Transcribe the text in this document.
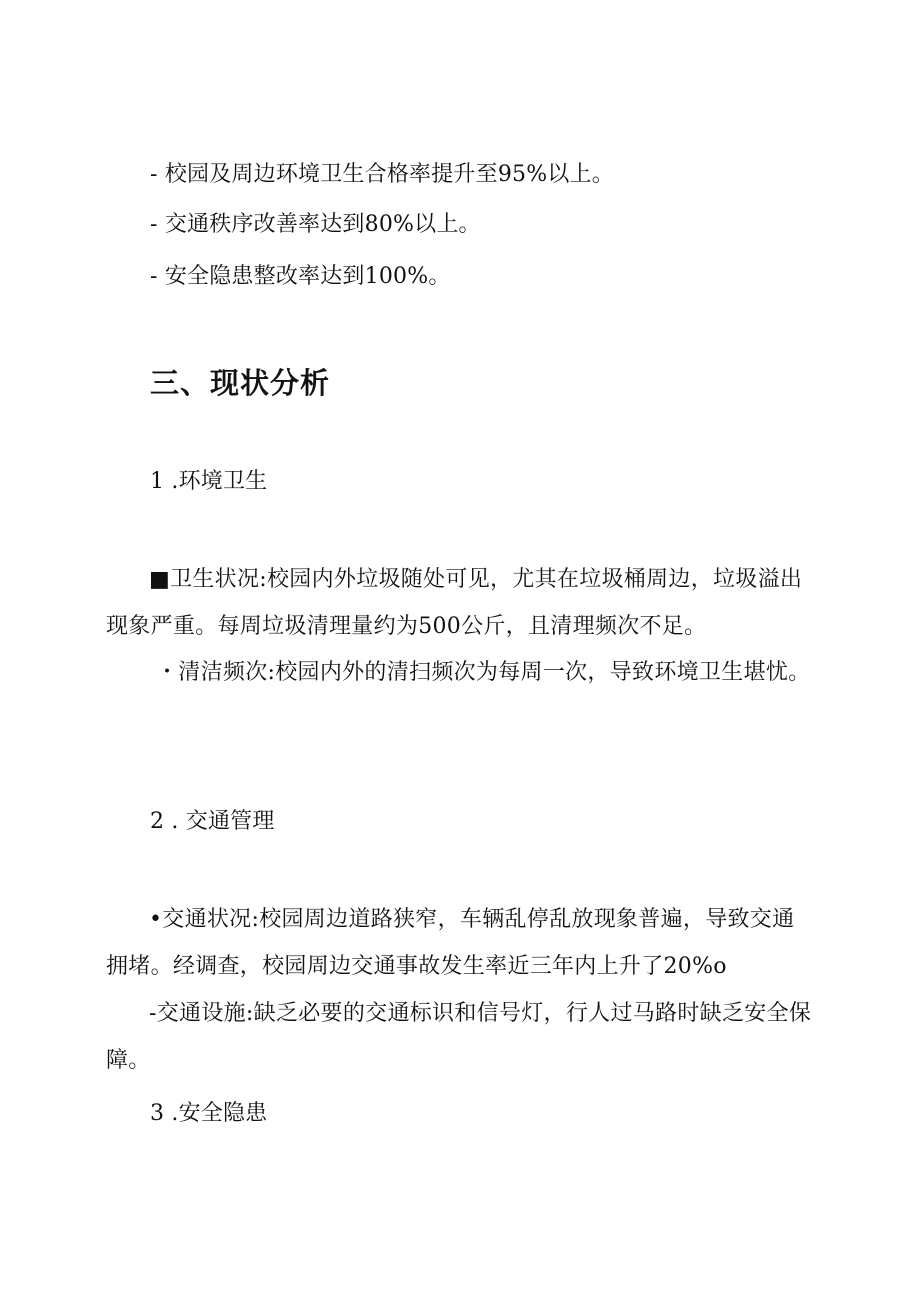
- 校园及周边环境卫生合格率提升至95%以上。
- 交通秩序改善率达到80%以上。
- 安全隐患整改率达到100%。
三、现状分析
1 .环境卫生
■卫生状况:校园内外垃圾随处可见，尤其在垃圾桶周边，垃圾溢出现象严重。每周垃圾清理量约为500公斤，且清理频次不足。
・清洁频次:校园内外的清扫频次为每周一次，导致环境卫生堪忧。
2 . 交通管理
•交通状况:校园周边道路狭窄，车辆乱停乱放现象普遍，导致交通拥堵。经调查，校园周边交通事故发生率近三年内上升了20%o
-交通设施:缺乏必要的交通标识和信号灯，行人过马路时缺乏安全保障。
3 .安全隐患
